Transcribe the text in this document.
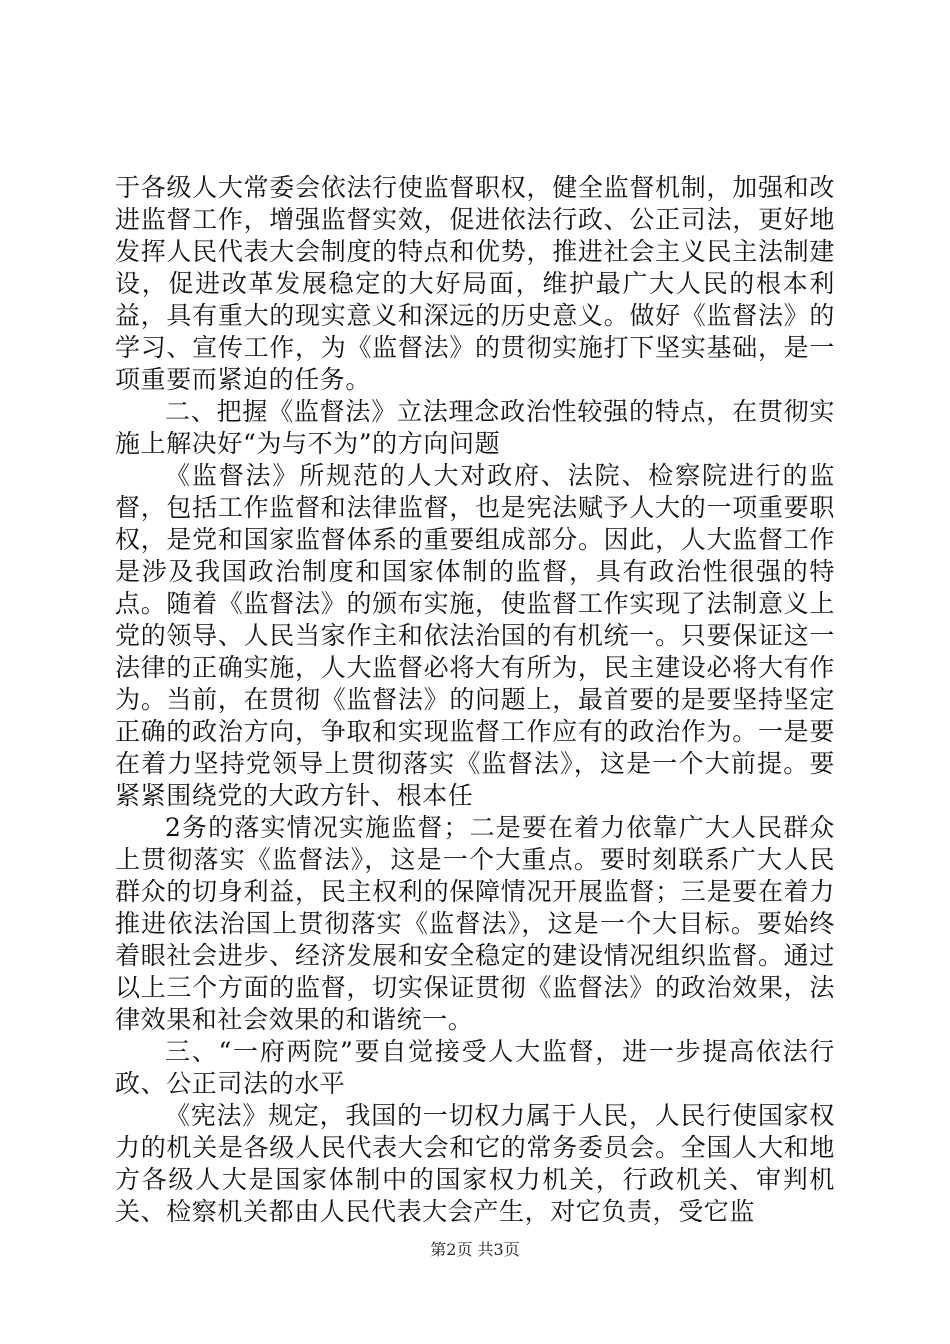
于各级人大常委会依法行使监督职权，健全监督机制，加强和改进监督工作，增强监督实效，促进依法行政、公正司法，更好地发挥人民代表大会制度的特点和优势，推进社会主义民主法制建设，促进改革发展稳定的大好局面，维护最广大人民的根本利益，具有重大的现实意义和深远的历史意义。做好《监督法》的学习、宣传工作，为《监督法》的贯彻实施打下坚实基础，是一项重要而紧迫的任务。

二、把握《监督法》立法理念政治性较强的特点，在贯彻实施上解决好“为与不为”的方向问题

《监督法》所规范的人大对政府、法院、检察院进行的监督，包括工作监督和法律监督，也是宪法赋予人大的一项重要职权，是党和国家监督体系的重要组成部分。因此，人大监督工作是涉及我国政治制度和国家体制的监督，具有政治性很强的特点。随着《监督法》的颁布实施，使监督工作实现了法制意义上党的领导、人民当家作主和依法治国的有机统一。只要保证这一法律的正确实施，人大监督必将大有所为，民主建设必将大有作为。当前，在贯彻《监督法》的问题上，最首要的是要坚持坚定正确的政治方向，争取和实现监督工作应有的政治作为。一是要在着力坚持党领导上贯彻落实《监督法》，这是一个大前提。要紧紧围绕党的大政方针、根本任

2务的落实情况实施监督；二是要在着力依靠广大人民群众上贯彻落实《监督法》，这是一个大重点。要时刻联系广大人民群众的切身利益，民主权利的保障情况开展监督；三是要在着力推进依法治国上贯彻落实《监督法》，这是一个大目标。要始终着眼社会进步、经济发展和安全稳定的建设情况组织监督。通过以上三个方面的监督，切实保证贯彻《监督法》的政治效果，法律效果和社会效果的和谐统一。

三、“一府两院”要自觉接受人大监督，进一步提高依法行政、公正司法的水平

《宪法》规定，我国的一切权力属于人民，人民行使国家权力的机关是各级人民代表大会和它的常务委员会。全国人大和地方各级人大是国家体制中的国家权力机关，行政机关、审判机关、检察机关都由人民代表大会产生，对它负责，受它监

第2页 共3页
